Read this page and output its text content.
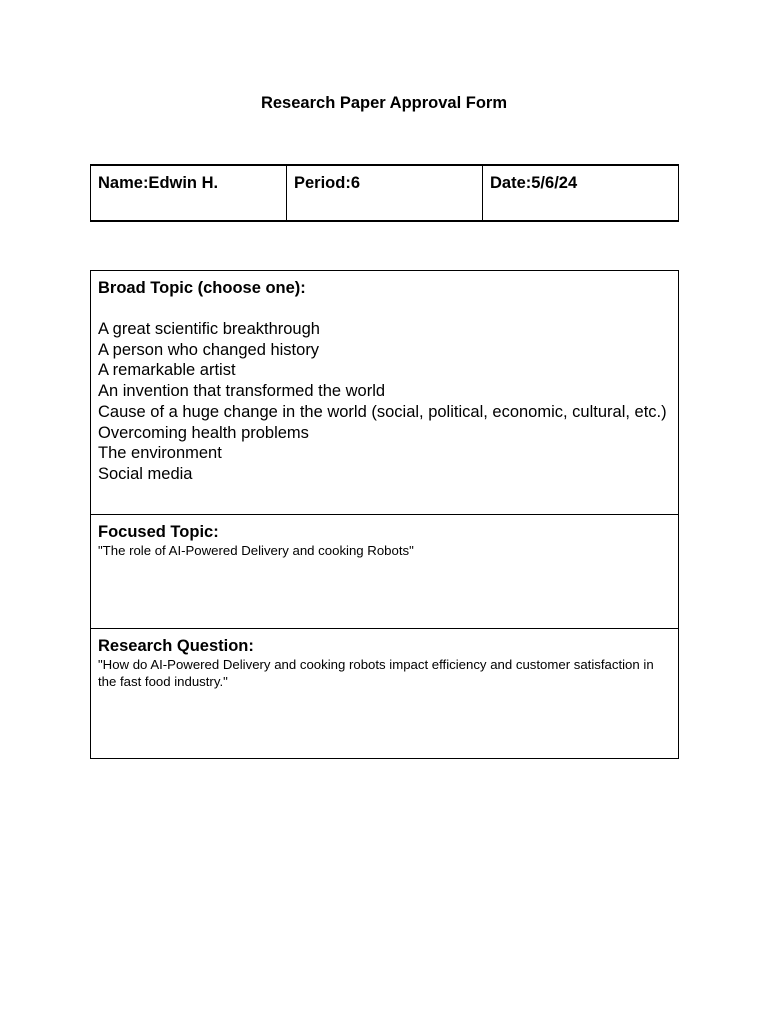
Research Paper Approval Form
Name:Edwin H.	Period:6	Date:5/6/24
Broad Topic (choose one):
A great scientific breakthrough
A person who changed history
A remarkable artist
An invention that transformed the world
Cause of a huge change in the world (social, political, economic, cultural, etc.)
Overcoming health problems
The environment
Social media
Focused Topic:
"The role of AI-Powered Delivery and cooking Robots"
Research Question:
"How do AI-Powered Delivery and cooking robots impact efficiency and customer satisfaction in the fast food industry."
